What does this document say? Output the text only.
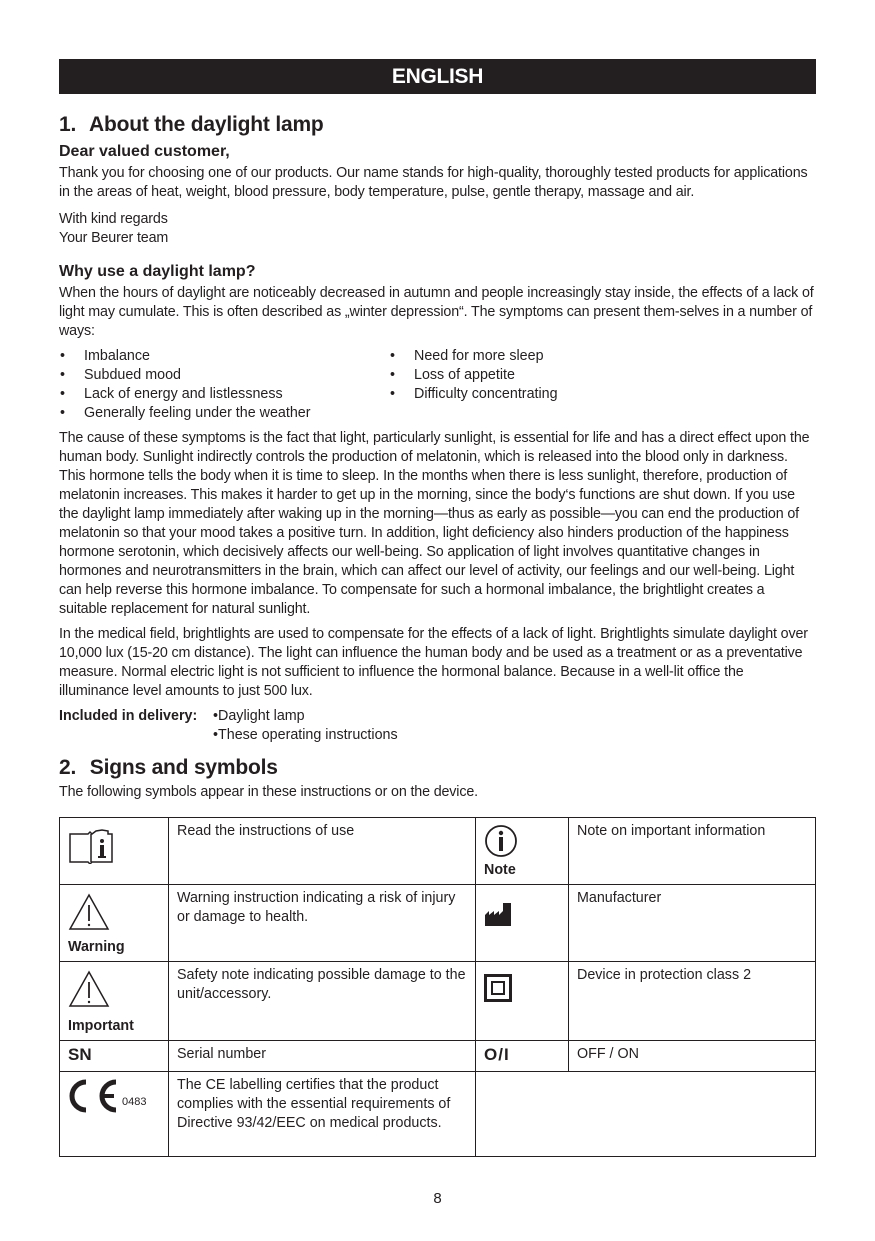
ENGLISH
1. About the daylight lamp
Dear valued customer,

Thank you for choosing one of our products. Our name stands for high-quality, thoroughly tested products for applications in the areas of heat, weight, blood pressure, body temperature, pulse, gentle therapy, massage and air.

With kind regards
Your Beurer team

Why use a daylight lamp?

When the hours of daylight are noticeably decreased in autumn and people increasingly stay inside, the effects of a lack of light may cumulate. This is often described as „winter depression“. The symptoms can present them-selves in a number of ways:

• Imbalance
• Subdued mood
• Lack of energy and listlessness
• Generally feeling under the weather
• Need for more sleep
• Loss of appetite
• Difficulty concentrating

The cause of these symptoms is the fact that light, particularly sunlight, is essential for life and has a direct effect upon the human body. Sunlight indirectly controls the production of melatonin, which is released into the blood only in darkness. This hormone tells the body when it is time to sleep. In the months when there is less sunlight, therefore, production of melatonin increases. This makes it harder to get up in the morning, since the body‘s functions are shut down. If you use the daylight lamp immediately after waking up in the morning—thus as early as possible—you can end the production of melatonin so that your mood takes a positive turn. In addition, light deficiency also hinders production of the happiness hormone serotonin, which decisively affects our well-being. So application of light involves quantitative changes in hormones and neurotransmitters in the brain, which can affect our level of activity, our feelings and our well-being. Light can help reverse this hormone imbalance. To compensate for such a hormonal imbalance, the brightlight creates a suitable replacement for natural sunlight.

In the medical field, brightlights are used to compensate for the effects of a lack of light. Brightlights simulate daylight over 10,000 lux (15-20 cm distance). The light can influence the human body and be used as a treatment or as a preventative measure. Normal electric light is not sufficient to influence the hormonal balance. Because in a well-lit office the illuminance level amounts to just 500 lux.

Included in delivery:	• Daylight lamp
• These operating instructions
2. Signs and symbols

The following symbols appear in these instructions or on the device.

	Read the instructions of use	Note	Note on important information

Warning	Warning instruction indicating a risk of injury or damage to health.		Manufacturer

Important	Safety note indicating possible damage to the unit/accessory.		Device in protection class 2
SN	Serial number	O/I	OFF / ON

0483	The CE labelling certifies that the product complies with the essential requirements of Directive 93/42/EEC on medical products.		
8
